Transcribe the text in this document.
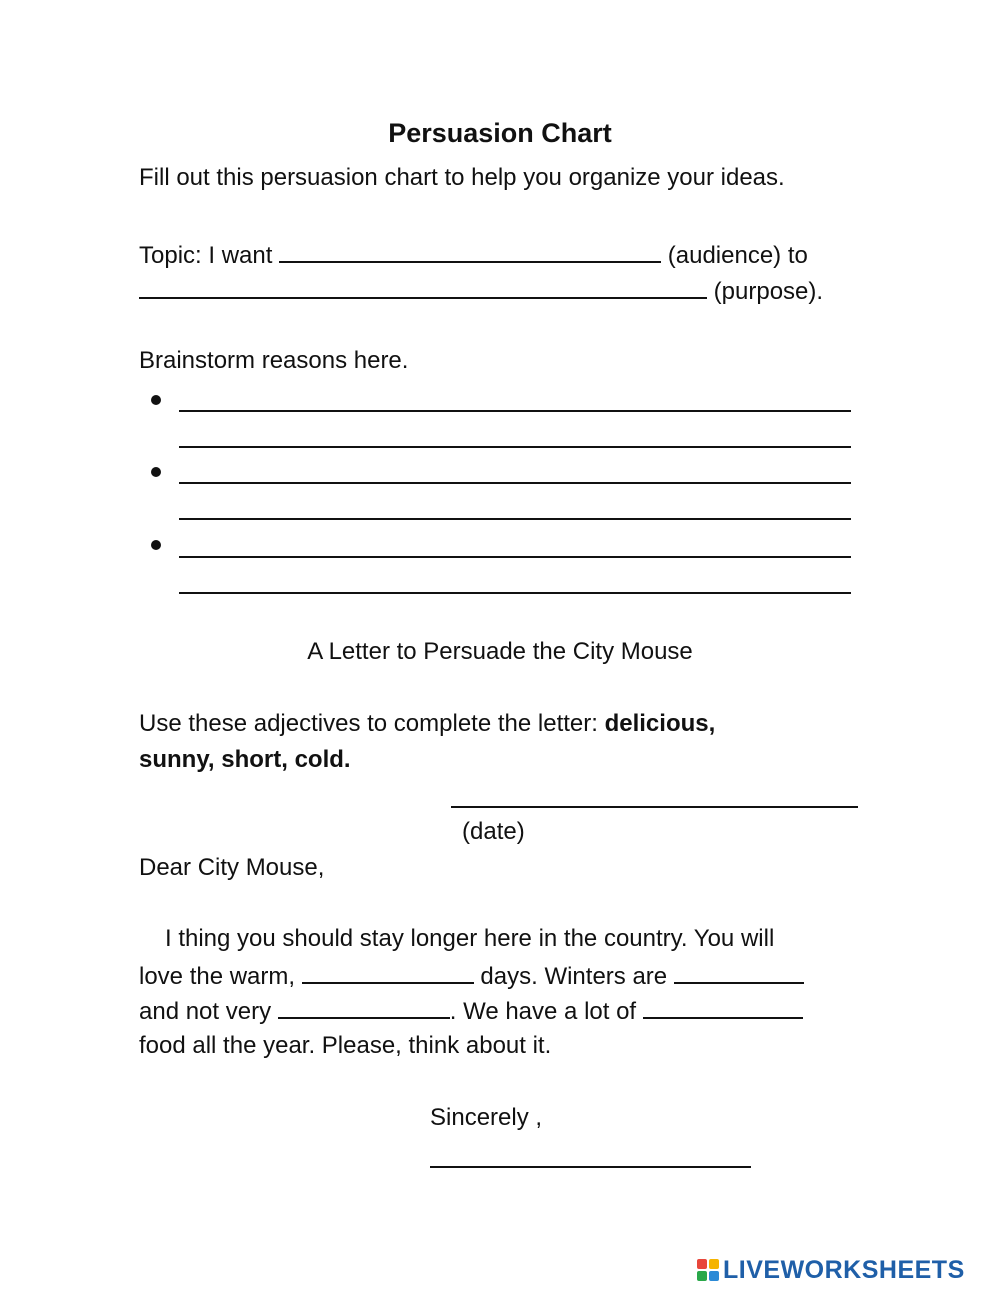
Persuasion Chart

Fill out this persuasion chart to help you organize your ideas.

Topic: I want	(audience) to

(purpose).

Brainstorm reasons here.

A Letter to Persuade the City Mouse

Use these adjectives to complete the letter: delicious,

sunny, short, cold.

(date)

Dear City Mouse,

I thing you should stay longer here in the country. You will

love the warm,	days. Winters are

and not very	. We have a lot of

food all the year. Please, think about it.

Sincerely ,

LIVEWORKSHEETS
